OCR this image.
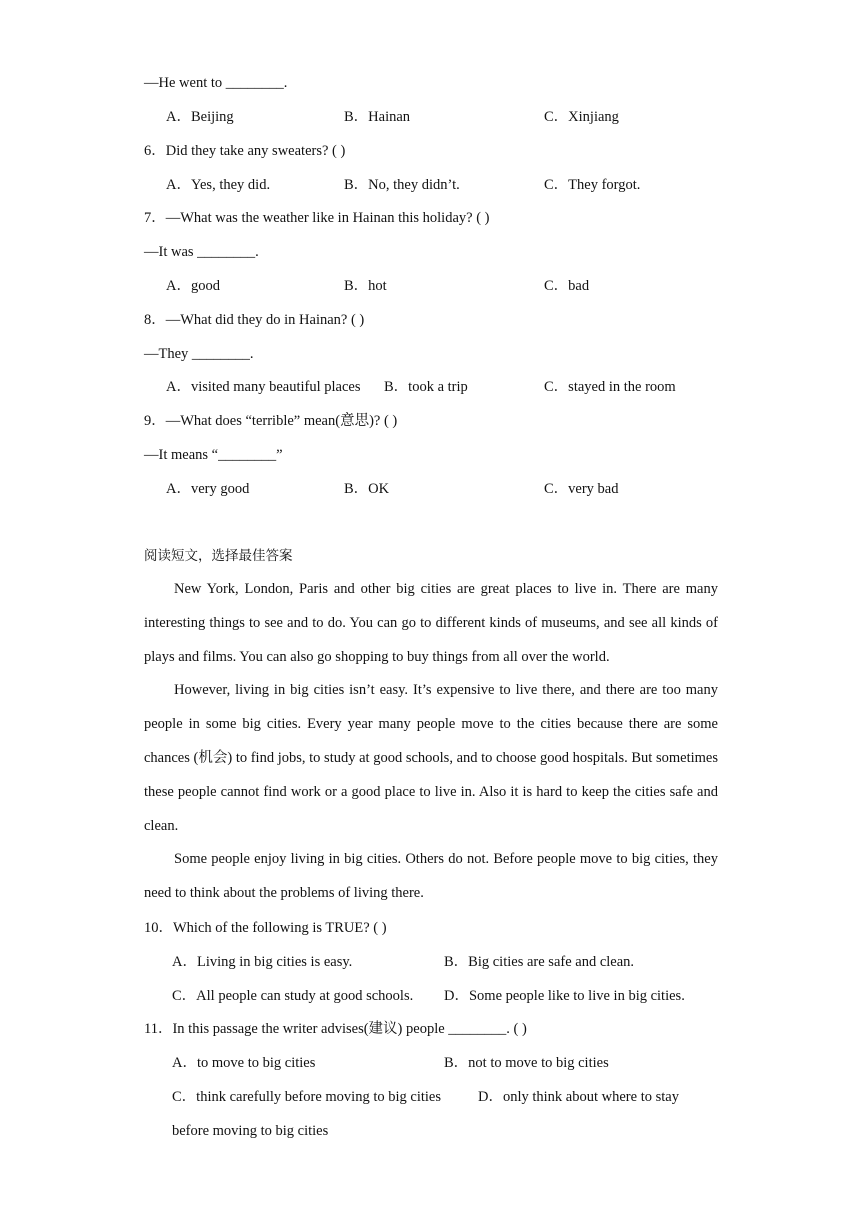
—He went to ________.
A．Beijing	B．Hainan	C．Xinjiang
6．Did they take any sweaters? ( )
A．Yes, they did.	B．No, they didn’t.	C．They forgot.
7．—What was the weather like in Hainan this holiday? ( )
—It was ________.
A．good	B．hot	C．bad
8．—What did they do in Hainan? ( )
—They ________.
A．visited many beautiful places B．took a trip	C．stayed in the room
9．—What does “terrible” mean(意思)? ( )
—It means “________”
A．very good	B．OK	C．very bad
阅读短文，选择最佳答案

New York, London, Paris and other big cities are great places to live in. There are many interesting things to see and to do. You can go to different kinds of museums, and see all kinds of plays and films. You can also go shopping to buy things from all over the world.

However, living in big cities isn’t easy. It’s expensive to live there, and there are too many people in some big cities. Every year many people move to the cities because there are some chances (机会) to find jobs, to study at good schools, and to choose good hospitals. But sometimes these people cannot find work or a good place to live in. Also it is hard to keep the cities safe and clean.

Some people enjoy living in big cities. Others do not. Before people move to big cities, they need to think about the problems of living there.

10．Which of the following is TRUE? ( )
A．Living in big cities is easy.	B．Big cities are safe and clean.
C．All people can study at good schools. D．Some people like to live in big cities.
11．In this passage the writer advises(建议) people ________. ( )
A．to move to big cities	B．not to move to big cities
C．think carefully before moving to big cities	D．only think about where to stay
before moving to big cities
